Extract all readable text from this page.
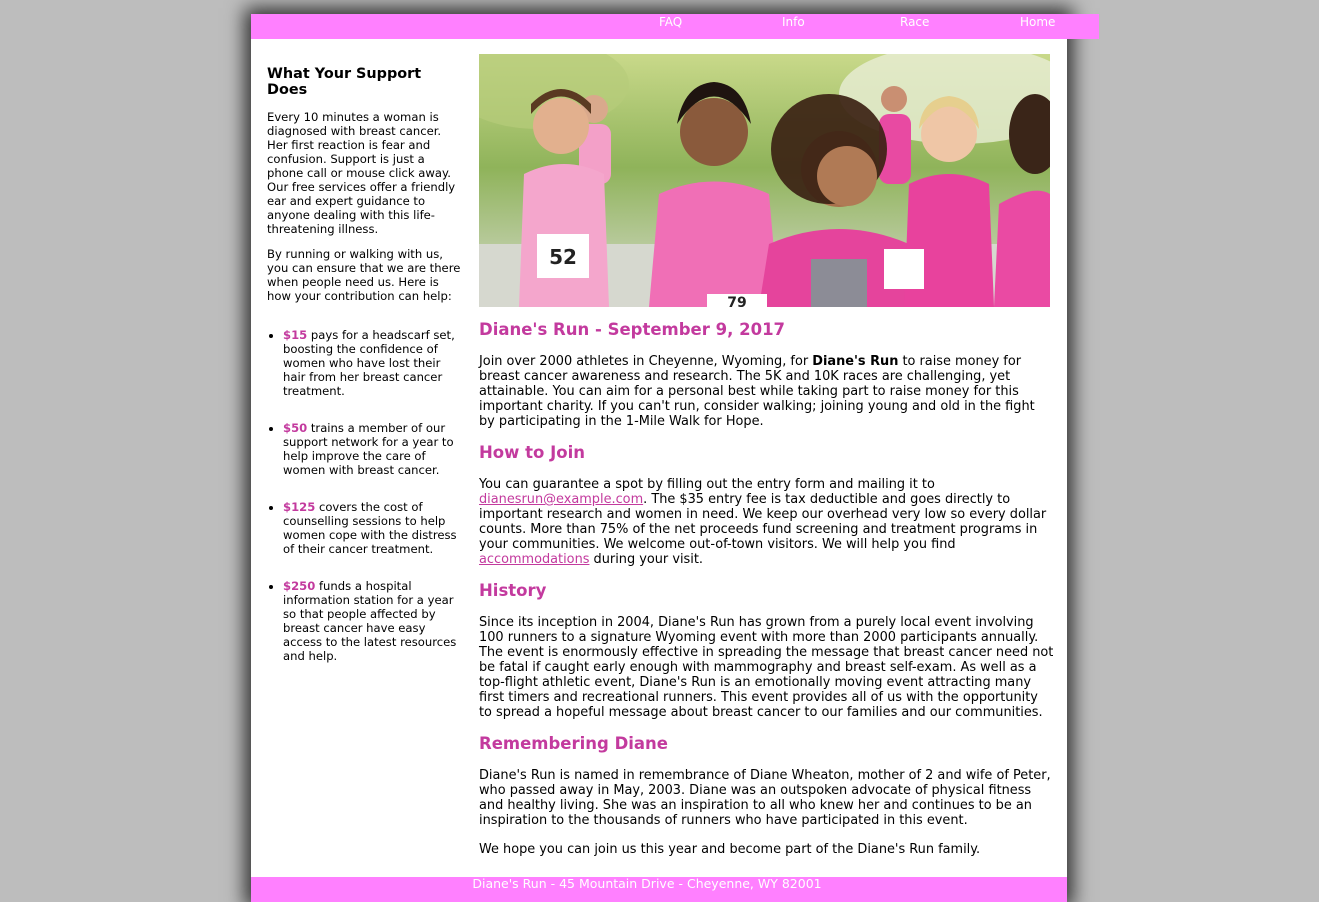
FAQ	Info	Race	Home
What Your Support Does

Every 10 minutes a woman is diagnosed with breast cancer. Her first reaction is fear and confusion. Support is just a phone call or mouse click away. Our free services offer a friendly ear and expert guidance to anyone dealing with this life-threatening illness.

By running or walking with us, you can ensure that we are there when people need us. Here is how your contribution can help:

• $15 pays for a headscarf set, boosting the confidence of women who have lost their hair from her breast cancer treatment.
• $50 trains a member of our support network for a year to help improve the care of women with breast cancer.
• $125 covers the cost of counselling sessions to help women cope with the distress of their cancer treatment.
• $250 funds a hospital information station for a year so that people affected by breast cancer have easy access to the latest resources and help.
52
79
Diane's Run - September 9, 2017

Join over 2000 athletes in Cheyenne, Wyoming, for Diane's Run to raise money for breast cancer awareness and research. The 5K and 10K races are challenging, yet attainable. You can aim for a personal best while taking part to raise money for this important charity. If you can't run, consider walking; joining young and old in the fight by participating in the 1-Mile Walk for Hope.

How to Join

You can guarantee a spot by filling out the entry form and mailing it to dianesrun@example.com. The $35 entry fee is tax deductible and goes directly to important research and women in need. We keep our overhead very low so every dollar counts. More than 75% of the net proceeds fund screening and treatment programs in your communities. We welcome out-of-town visitors. We will help you find accommodations during your visit.

History

Since its inception in 2004, Diane's Run has grown from a purely local event involving 100 runners to a signature Wyoming event with more than 2000 participants annually. The event is enormously effective in spreading the message that breast cancer need not be fatal if caught early enough with mammography and breast self-exam. As well as a top-flight athletic event, Diane's Run is an emotionally moving event attracting many first timers and recreational runners. This event provides all of us with the opportunity to spread a hopeful message about breast cancer to our families and our communities.

Remembering Diane

Diane's Run is named in remembrance of Diane Wheaton, mother of 2 and wife of Peter, who passed away in May, 2003. Diane was an outspoken advocate of physical fitness and healthy living. She was an inspiration to all who knew her and continues to be an inspiration to the thousands of runners who have participated in this event.

We hope you can join us this year and become part of the Diane's Run family.

Diane's Run - 45 Mountain Drive - Cheyenne, WY 82001
